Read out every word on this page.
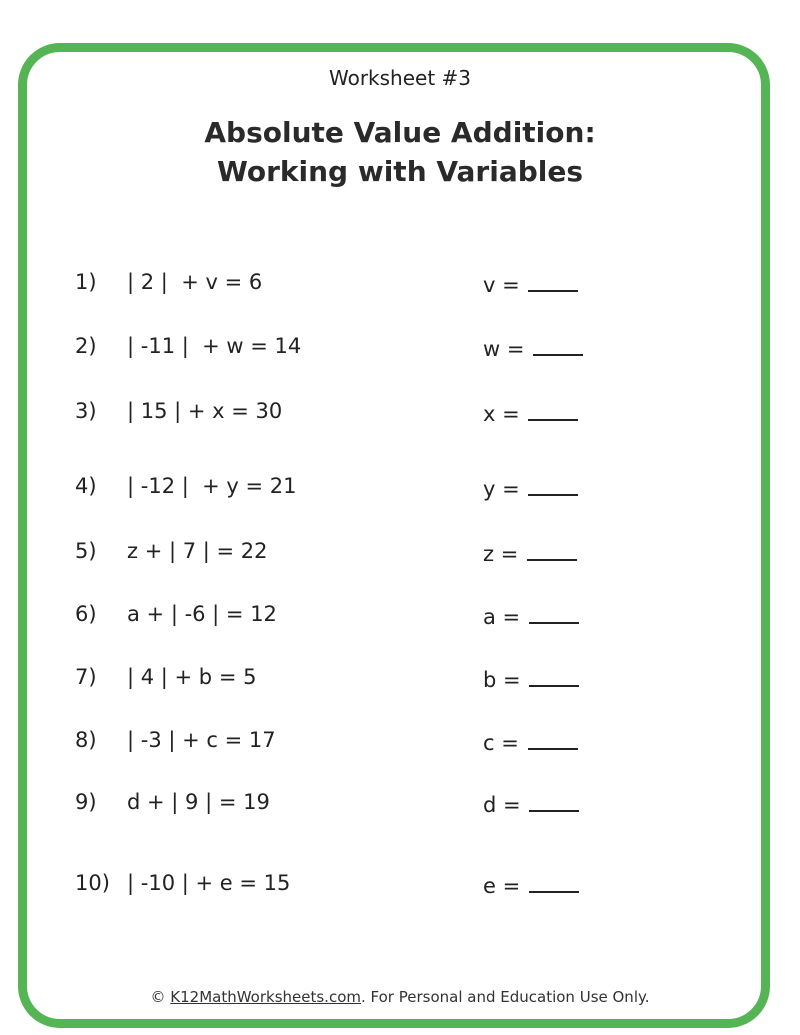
Worksheet #3
Absolute Value Addition:
Working with Variables
1) | 2 |  + v = 6	v =
2) | -11 |  + w = 14	w =
3) | 15 | + x = 30	x =
4) | -12 |  + y = 21	y =
5) z + | 7 | = 22	z =
6) a + | -6 | = 12	a =
7) | 4 | + b = 5	b =
8) | -3 | + c = 17	c =
9) d + | 9 | = 19	d =
10) | -10 | + e = 15	e =
© K12MathWorksheets.com. For Personal and Education Use Only.
